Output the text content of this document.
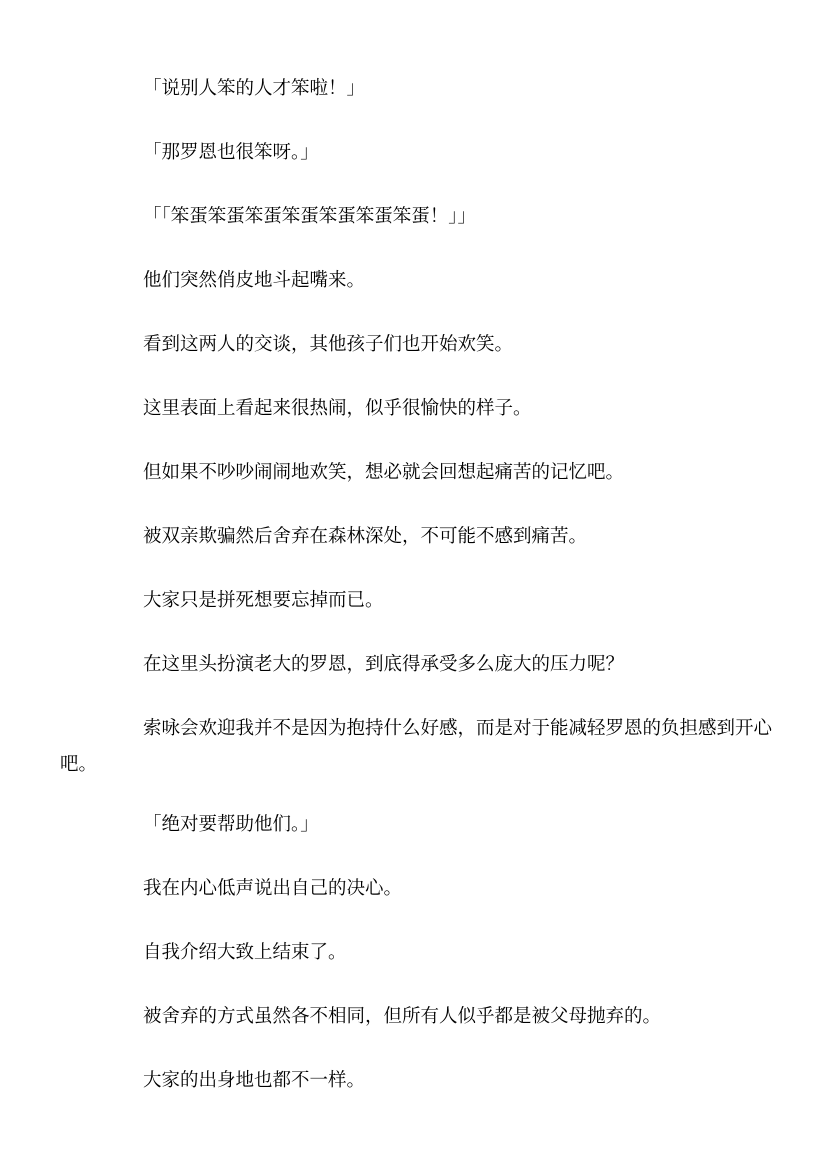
「说别人笨的人才笨啦！」

「那罗恩也很笨呀。」

「「笨蛋笨蛋笨蛋笨蛋笨蛋笨蛋笨蛋！」」

他们突然俏皮地斗起嘴来。

看到这两人的交谈，其他孩子们也开始欢笑。

这里表面上看起来很热闹，似乎很愉快的样子。

但如果不吵吵闹闹地欢笑，想必就会回想起痛苦的记忆吧。

被双亲欺骗然后舍弃在森林深处，不可能不感到痛苦。

大家只是拼死想要忘掉而已。

在这里头扮演老大的罗恩，到底得承受多么庞大的压力呢？

索咏会欢迎我并不是因为抱持什么好感，而是对于能减轻罗恩的负担感到开心吧。

「绝对要帮助他们。」

我在内心低声说出自己的决心。

自我介绍大致上结束了。

被舍弃的方式虽然各不相同，但所有人似乎都是被父母抛弃的。

大家的出身地也都不一样。
